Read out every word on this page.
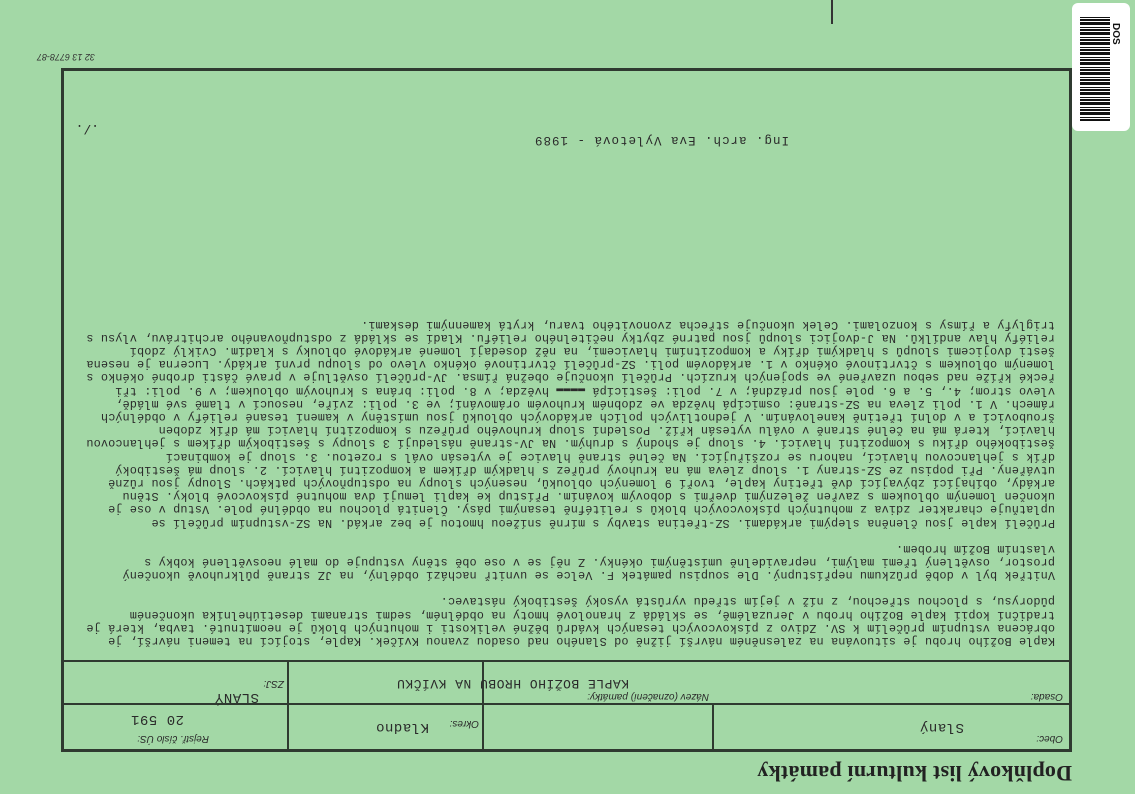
Doplňkový list kulturní památky
Obec:
Slaný
Osada:
Název (označení) památky:
KAPLE BOŽÍHO HROBU NA KVÍČKU
Okres:
Kladno
ZSJ:
SLANÝ
Rejstř. číslo ÚS:
20 591

Kaple Božího hrobu je situována na zalesněném návrší jižně od Slaného nad osadou zvanou Kvíček. Kaple, stojící na temeni návrší, je obrácena vstupním průčelím k SV. Zdivo z pískovcových tesaných kvádrů běžné velikosti i mohutných bloků je neomítnuté. tavba, která je tradiční kopií kaple Božího hrobu v Jeruzalémě, se skládá z hranolové hmoty na obdélném, sedmi stranami desetiúhelníka ukončeném půdorysu, s plochou střechou, z níž v jejím středu vyrůstá vysoký šestiboký nástavec.

Vnitřek byl v době průzkumu nepřístupný. Dle soupisu památek F. Velce se uvnitř nachází obdélný, na JZ straně půlkruhově ukončený prostor, osvětlený třemi malými, nepravidelně umístěnými okénky. Z něj se v ose obě stěny vstupuje do malé neosvětlené kobky s vlastním Božím hrobem.

Průčelí kaple jsou členěna slepými arkádami. SZ-třetina stavby s mírně snížeou hmotou je bez arkád. Na SZ-vstupním průčelí se uplatňuje charakter zdiva z mohutných pískovcových bloků s relitéfně tesanými pásy. Členitá plochou na obdélné pole. Vstup v ose je ukončen lomeným obloukem s zavřen železnými dveřmi s dobovým kováním. Přístup ke kapli lemují dva mohutné pískovcové bloky. Stěnu arkády, obíhající zbývající dvě třetiny kaple, tvoří 9 lomených oblouků, nesených sloupy na odstupňových patkách. Sloupy jsou různě utvářeny. Při popisu ze SZ-strany 1. sloup zleva má na kruhový průřez s hladkým dříkem a kompozitní hlavicí. 2. sloup má šestiboký dřík s jehlancovou hlavicí, nahoru se rozšiřující. Na čelné straně hlavice je vytesán ovál s rozetou. 3. sloup je kombinací šestibokého dříku s kompozitní hlavicí. 4. sloup je shodný s druhým. Na JV-straně následují 3 sloupy s šestibokým dříkem s jehlancovou hlavicí, která má na čelné straně v oválu vytesán kříž. Poslední sloup kruhového průřezu s kompozitní hlavicí má dřík zdoben šroubovicí a v dolní třetině kanelováním. V jednotlivých polích arkádových oblouků jsou umístěny v kamení tesané reliéfy v obdélných rámech. V 1. poli zleva na SZ-straně: osmicípá hvězda ve zdobném kruhovém orámování; ve 3. poli: zvíře, nesoucí v tlamě své mládě, vlevo strom; 4., 5. a 6. pole jsou prázdná; v 7. poli: šesticípá ▬▬▬▬ hvězda; v 8. poli: brána s kruhovým obloukem; v 9. poli: tři řecké kříže nad sebou uzavřené ve spojených kruzích. Průčelí ukončuje obežná římsa. JV-průčelí osvětluje v pravé části drobné okénko s lomeným obloukem s čtvrtinové okénko v 1. arkádovém poli. SZ-průčelí čtvrtinové okénko vlevo od sloupu první arkády. Lucerna je nesena šesti dvojicemi sloupů s hladkými dříky a kompozitními hlavicemi, na něž dosedají lomené arkádové oblouky s kladím. Cviklý zdobí reliéfy hlav andílků. Na J-dvojici sloupů jsou patrné zbytky nečitelného reliéfu. Kladí se skládá z odstupňovaného architrávu, vlysu s triglyfy a římsy s konzolami. Celek ukončuje střecha zvonovitého tvaru, krytá kamennými deskami.

Ing. arch. Eva Vyletová - 1989
./.
32 13 6778-87
DOS
